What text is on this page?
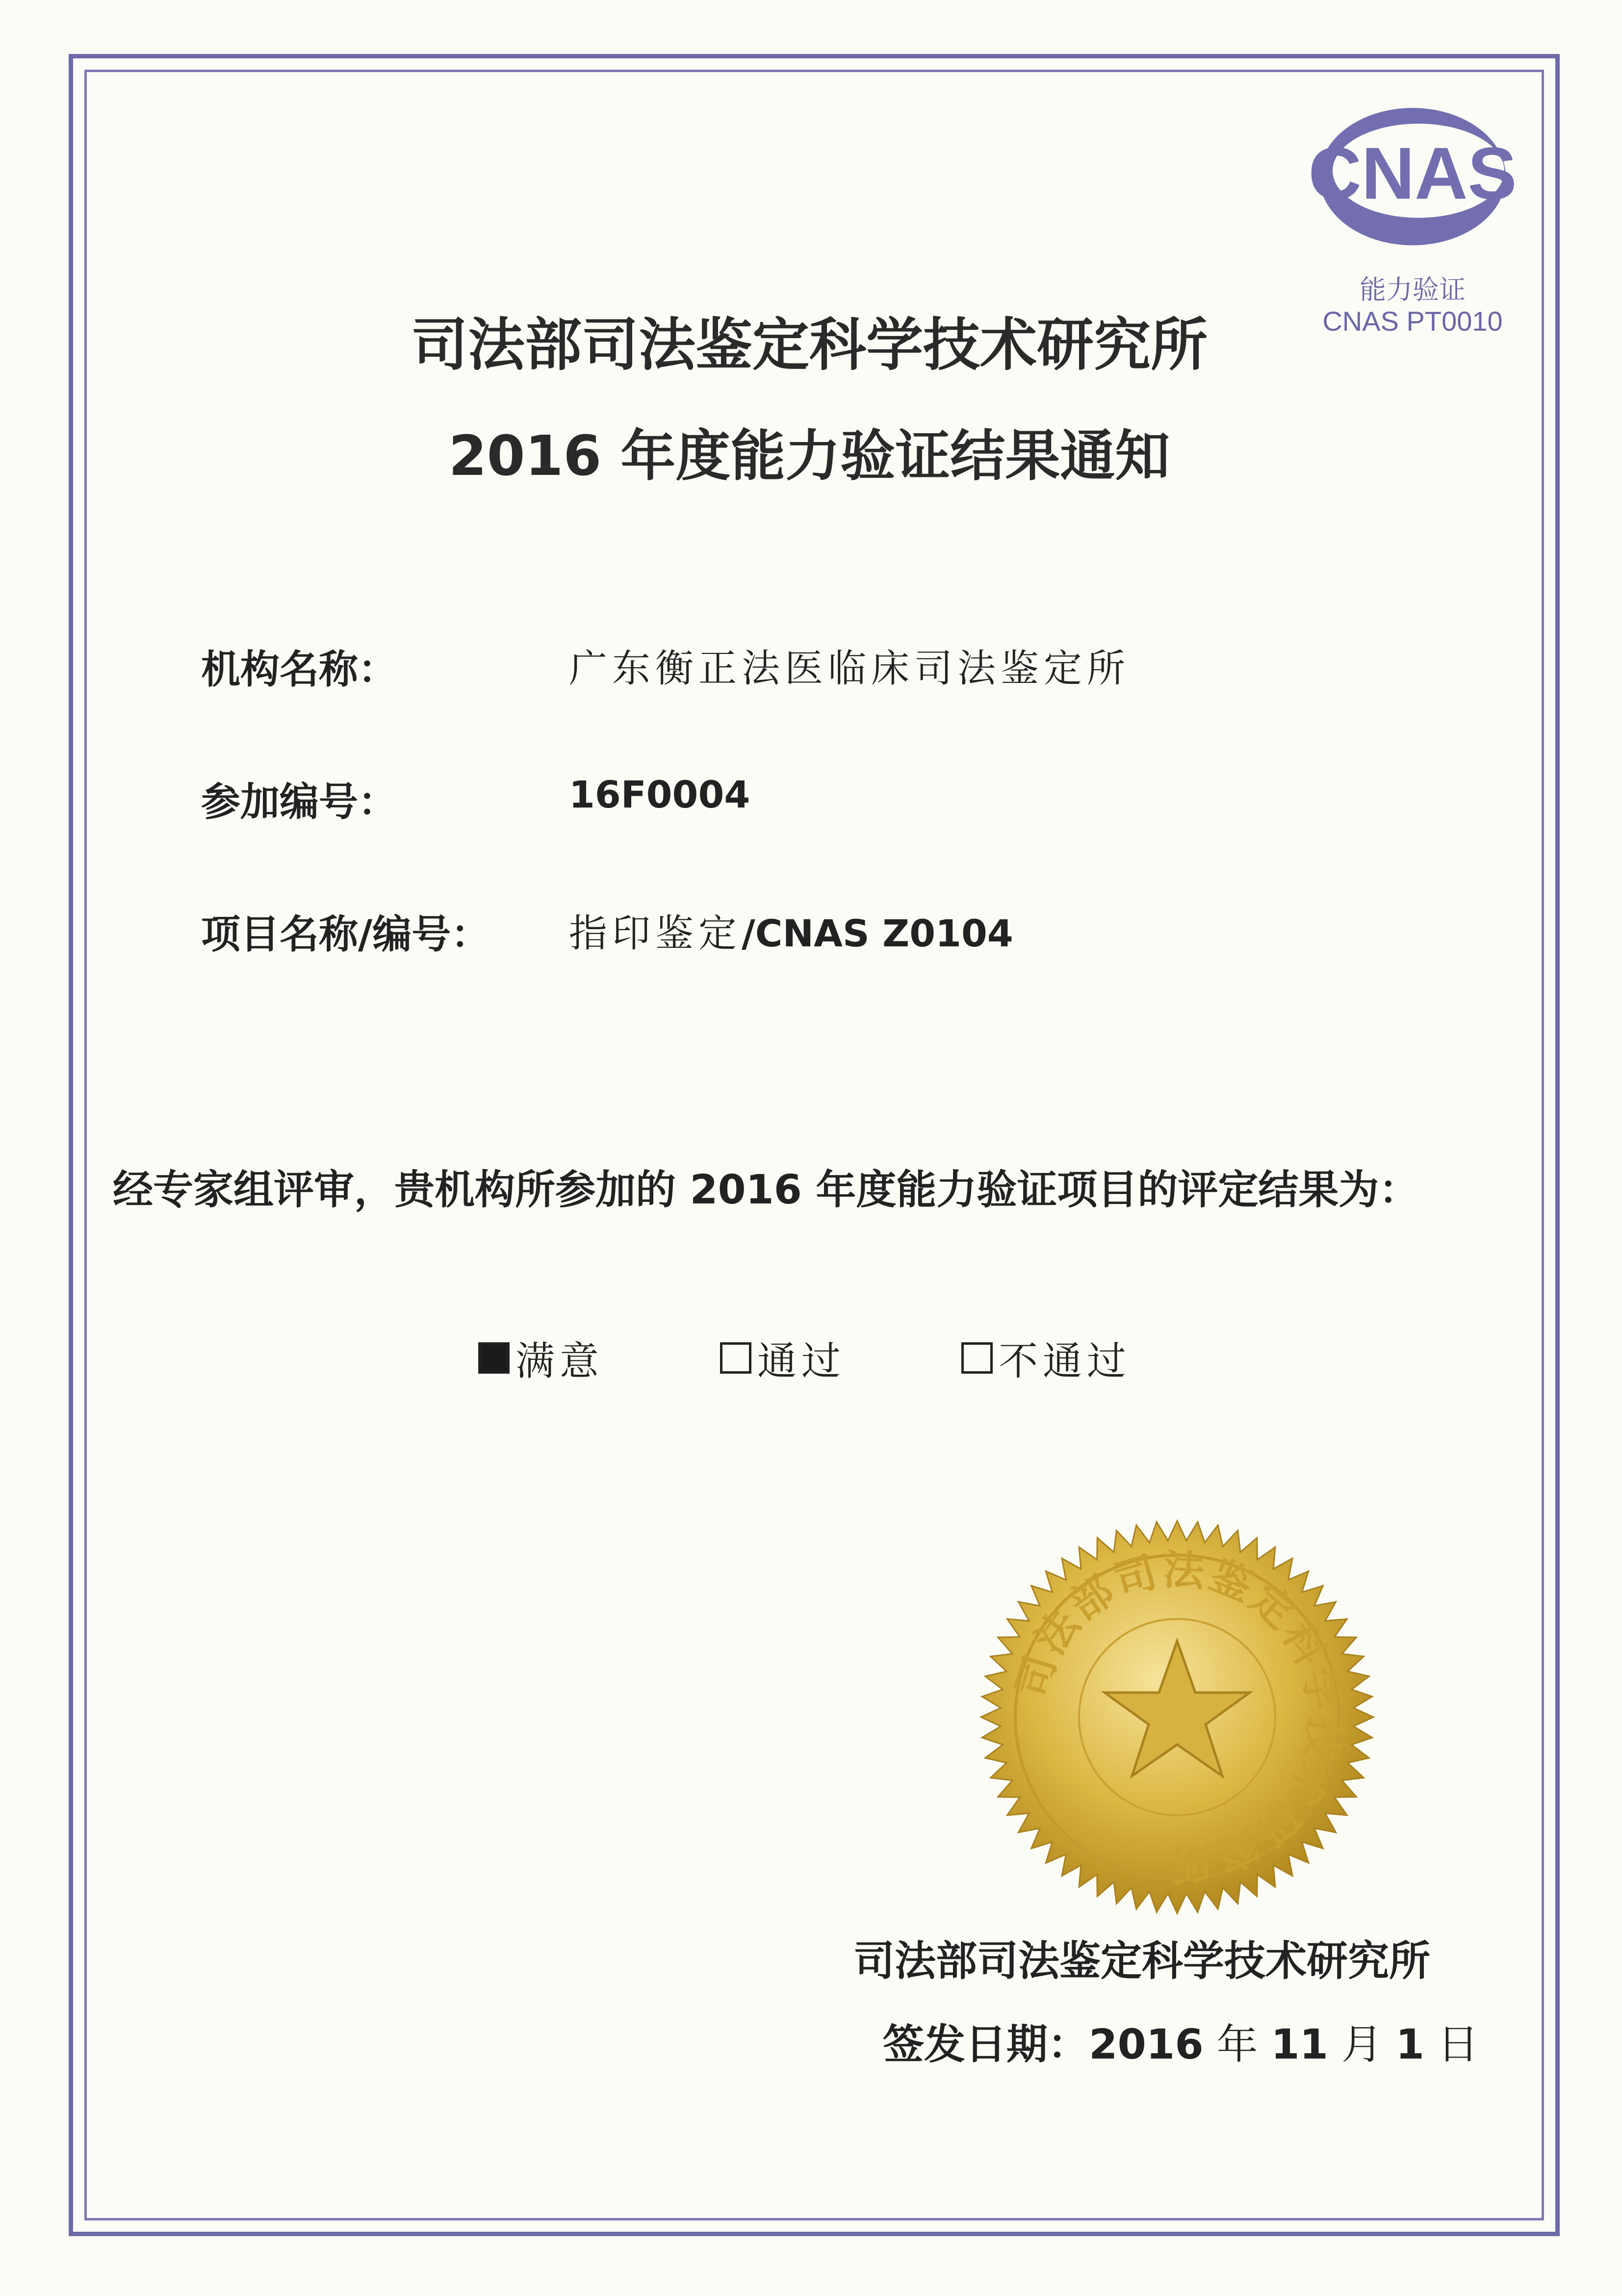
CNAS
能力验证
CNAS PT0010
司法部司法鉴定科学技术研究所
2016 年度能力验证结果通知
机构名称：	广东衡正法医临床司法鉴定所
参加编号：	16F0004
项目名称/编号： 指印鉴定/CNAS Z0104
经专家组评审，贵机构所参加的 2016 年度能力验证项目的评定结果为：
满意	通过	不通过
司法部司法鉴定科学技术研究所
司法部司法鉴定科学技术研究所
签发日期：2016 年 11 月 1 日
